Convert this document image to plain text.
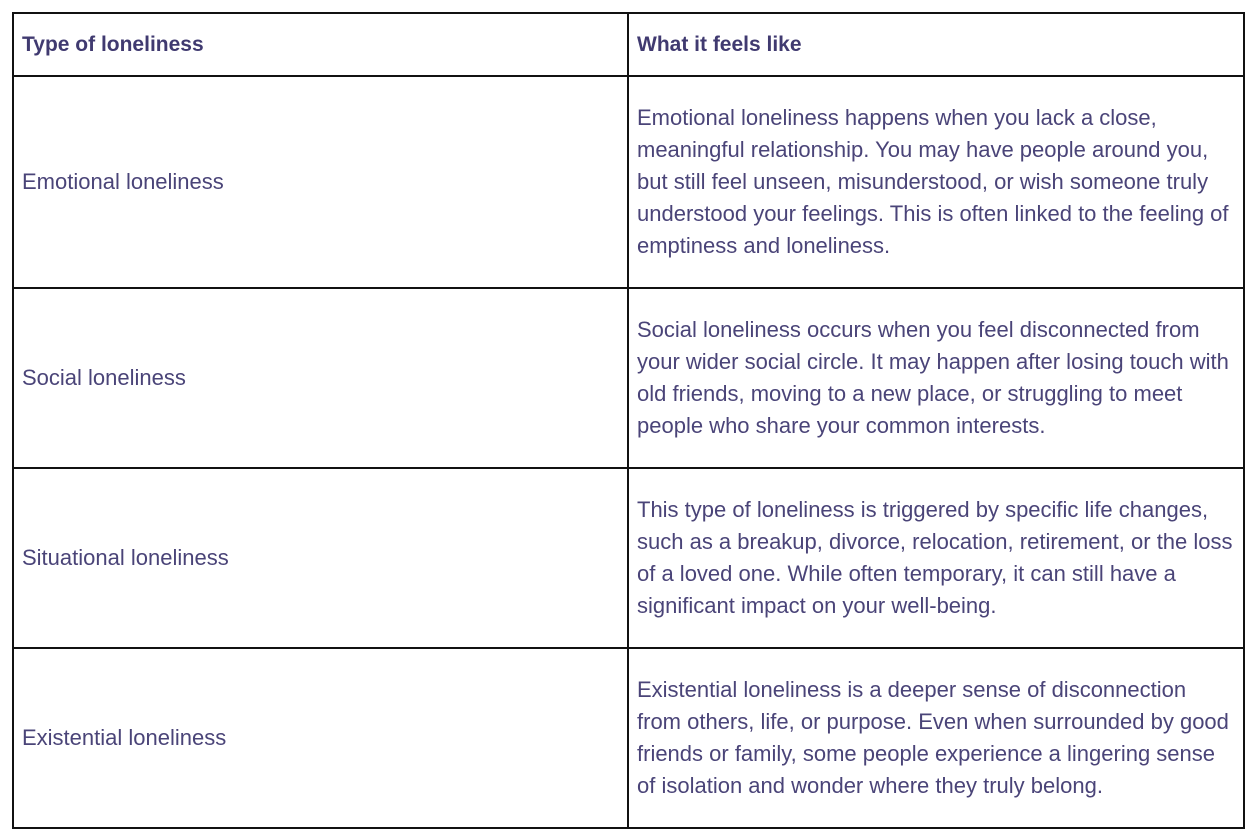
Type of loneliness	What it feels like
Emotional loneliness	Emotional loneliness happens when you lack a close, meaningful relationship. You may have people around you, but still feel unseen, misunderstood, or wish someone truly understood your feelings. This is often linked to the feeling of emptiness and loneliness.
Social loneliness	Social loneliness occurs when you feel disconnected from your wider social circle. It may happen after losing touch with old friends, moving to a new place, or struggling to meet people who share your common interests.
Situational loneliness	This type of loneliness is triggered by specific life changes, such as a breakup, divorce, relocation, retirement, or the loss of a loved one. While often temporary, it can still have a significant impact on your well-being.
Existential loneliness	Existential loneliness is a deeper sense of disconnection from others, life, or purpose. Even when surrounded by good friends or family, some people experience a lingering sense of isolation and wonder where they truly belong.
